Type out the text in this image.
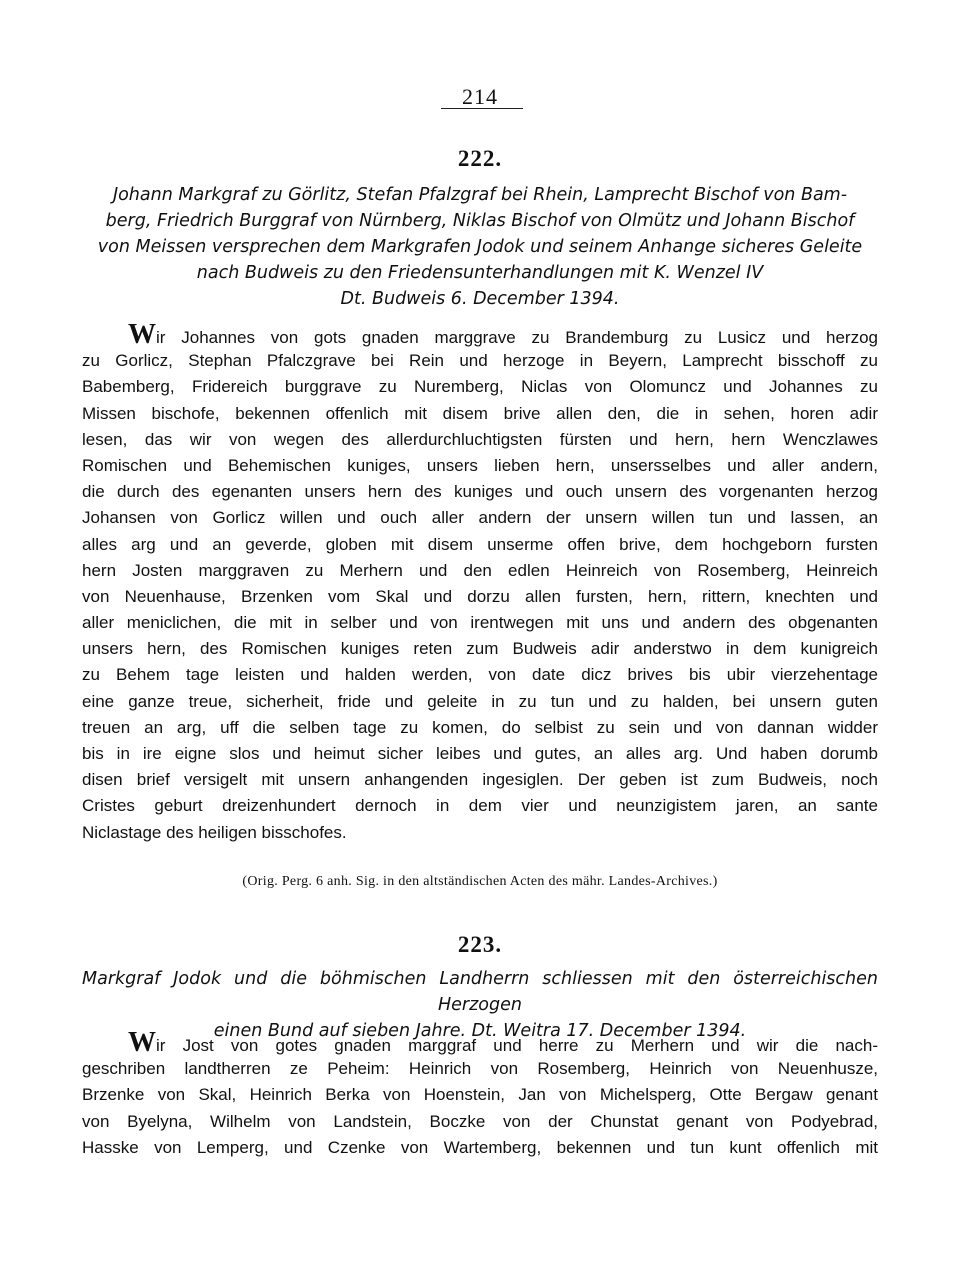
214
222.
Johann Markgraf zu Görlitz, Stefan Pfalzgraf bei Rhein, Lamprecht Bischof von Bam-
berg, Friedrich Burggraf von Nürnberg, Niklas Bischof von Olmütz und Johann Bischof
von Meissen versprechen dem Markgrafen Jodok und seinem Anhange sicheres Geleite
nach Budweis zu den Friedensunterhandlungen mit K. Wenzel IV
Dt. Budweis 6. December 1394.
Wir Johannes von gots gnaden marggrave zu Brandemburg zu Lusicz und herzog
zu Gorlicz, Stephan Pfalczgrave bei Rein und herzoge in Beyern, Lamprecht bisschoff zu
Babemberg, Fridereich burggrave zu Nuremberg, Niclas von Olomuncz und Johannes zu
Missen bischofe, bekennen offenlich mit disem brive allen den, die in sehen, horen adir
lesen, das wir von wegen des allerdurchluchtigsten fürsten und hern, hern Wenczlawes
Romischen und Behemischen kuniges, unsers lieben hern, unsersselbes und aller andern,
die durch des egenanten unsers hern des kuniges und ouch unsern des vorgenanten herzog
Johansen von Gorlicz willen und ouch aller andern der unsern willen tun und lassen, an
alles arg und an geverde, globen mit disem unserme offen brive, dem hochgeborn fursten
hern Josten marggraven zu Merhern und den edlen Heinreich von Rosemberg, Heinreich
von Neuenhause, Brzenken vom Skal und dorzu allen fursten, hern, rittern, knechten und
aller meniclichen, die mit in selber und von irentwegen mit uns und andern des obgenanten
unsers hern, des Romischen kuniges reten zum Budweis adir anderstwo in dem kunigreich
zu Behem tage leisten und halden werden, von date dicz brives bis ubir vierzehentage
eine ganze treue, sicherheit, fride und geleite in zu tun und zu halden, bei unsern guten
treuen an arg, uff die selben tage zu komen, do selbist zu sein und von dannan widder
bis in ire eigne slos und heimut sicher leibes und gutes, an alles arg. Und haben dorumb
disen brief versigelt mit unsern anhangenden ingesiglen. Der geben ist zum Budweis, noch
Cristes geburt dreizenhundert dernoch in dem vier und neunzigistem jaren, an sante
Niclastage des heiligen bisschofes.
(Orig. Perg. 6 anh. Sig. in den altständischen Acten des mähr. Landes-Archives.)
223.
Markgraf Jodok und die böhmischen Landherrn schliessen mit den österreichischen Herzogen
einen Bund auf sieben Jahre. Dt. Weitra 17. December 1394.
Wir Jost von gotes gnaden marggraf und herre zu Merhern und wir die nach-
geschriben landtherren ze Peheim: Heinrich von Rosemberg, Heinrich von Neuenhusze,
Brzenke von Skal, Heinrich Berka von Hoenstein, Jan von Michelsperg, Otte Bergaw genant
von Byelyna, Wilhelm von Landstein, Boczke von der Chunstat genant von Podyebrad,
Hasske von Lemperg, und Czenke von Wartemberg, bekennen und tun kunt offenlich mit
